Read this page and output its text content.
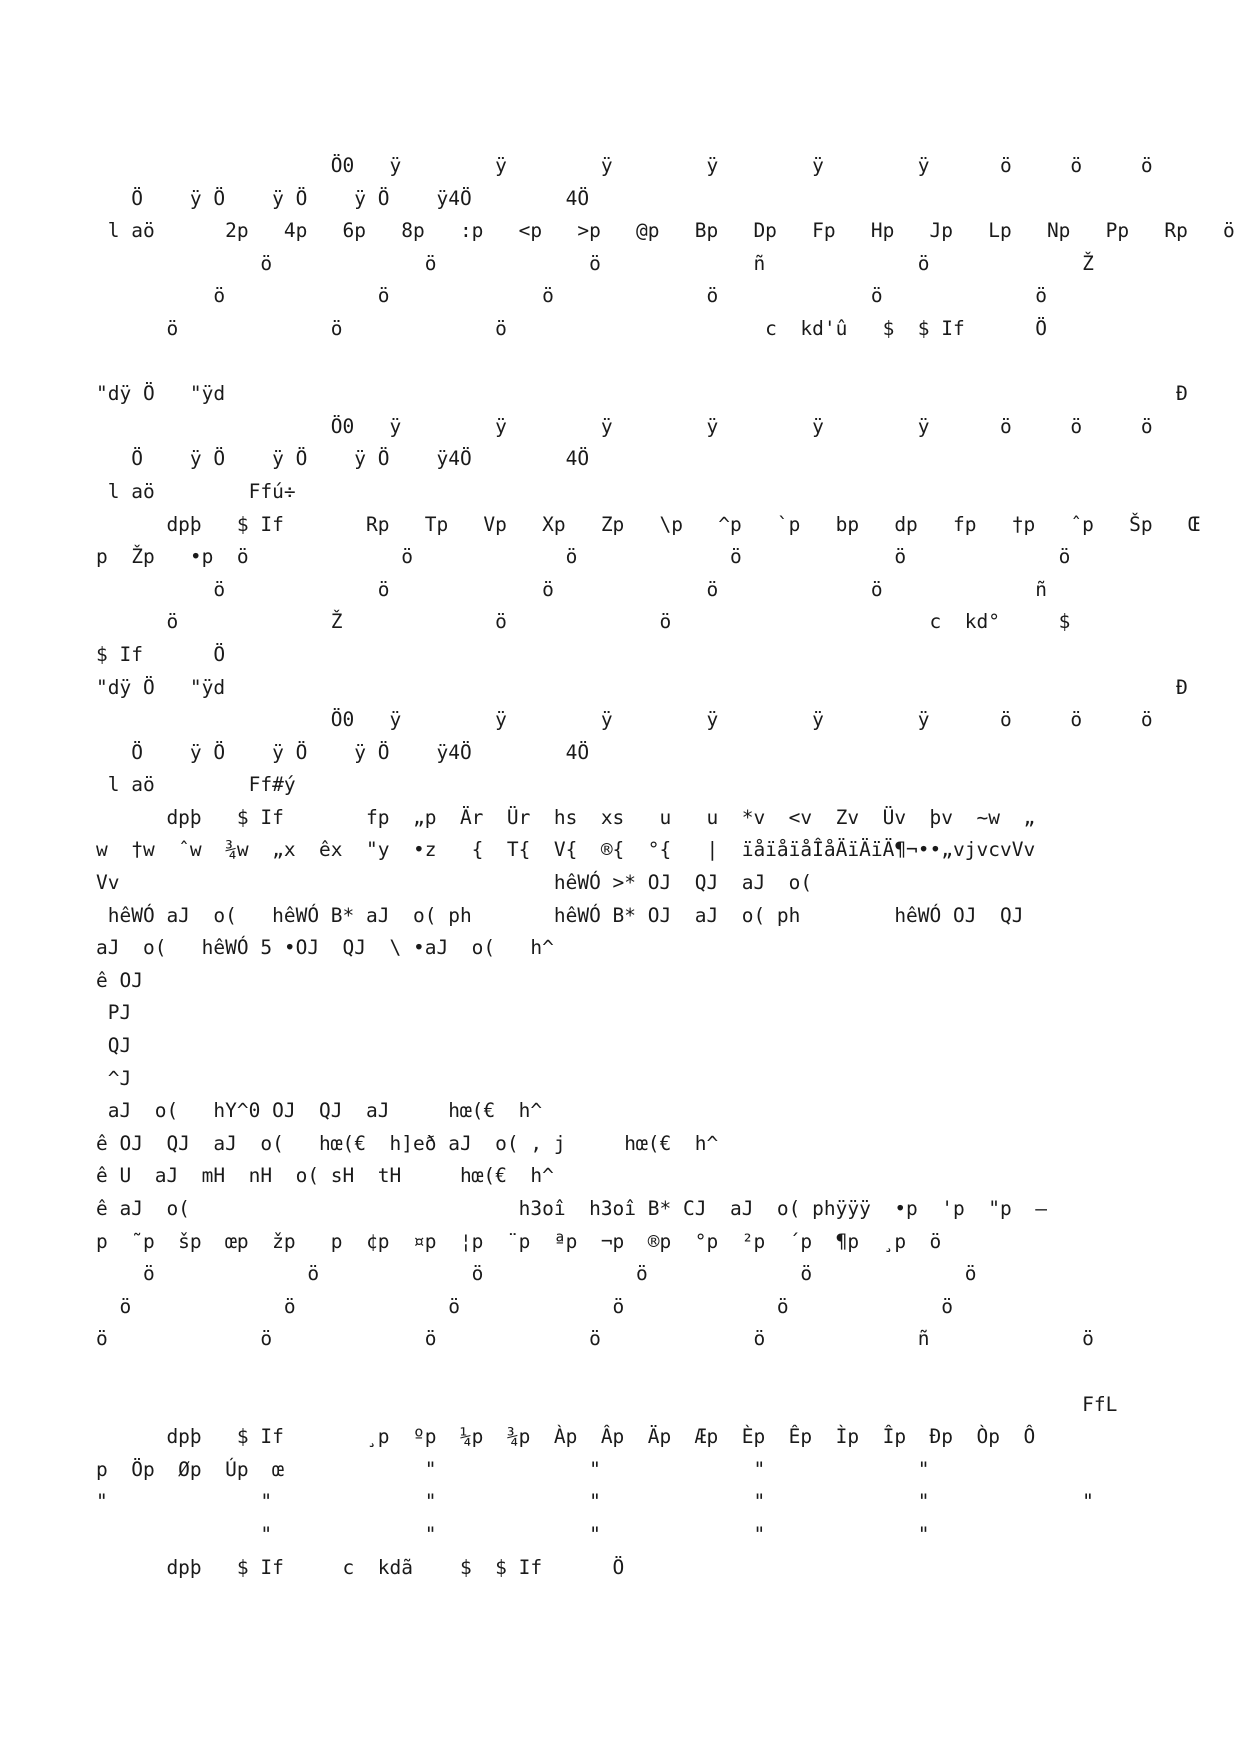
Ö0   ÿ        ÿ        ÿ        ÿ        ÿ        ÿ      ö     ö     ö
Ö    ÿ Ö    ÿ Ö    ÿ Ö    ÿ4Ö        4Ö
l aö      2p   4p   6p   8p   :p   <p   >p   @p   Bp   Dp   Fp   Hp   Jp   Lp   Np   Pp   Rp   ö
ö             ö             ö             ñ             ö             Ž
ö             ö             ö             ö             ö             ö
ö             ö             ö                      c  kd'û   $  $ If      Ö

"dÿ Ö   "ÿd                                                                                 Ð
Ö0   ÿ        ÿ        ÿ        ÿ        ÿ        ÿ      ö     ö     ö
Ö    ÿ Ö    ÿ Ö    ÿ Ö    ÿ4Ö        4Ö
l aö        Ffú÷
dpþ   $ If       Rp   Tp   Vp   Xp   Zp   \p   ^p   `p   bp   dp   fp   †p   ˆp   Šp   Œ
p  Žp   •p  ö             ö             ö             ö             ö             ö
ö             ö             ö             ö             ö             ñ
ö             Ž             ö             ö                      c  kd°     $
$ If      Ö
"dÿ Ö   "ÿd                                                                                 Ð
Ö0   ÿ        ÿ        ÿ        ÿ        ÿ        ÿ      ö     ö     ö
Ö    ÿ Ö    ÿ Ö    ÿ Ö    ÿ4Ö        4Ö
l aö        Ff#ý
dpþ   $ If       fp  „p  Är  Ür  hs  xs   u   u  *v  <v  Zv  Üv  þv  ~w  „
w  †w  ˆw  ¾w  „x  êx  "y  •z   {  T{  V{  ®{  °{   |  ïåïåïåÎåÄïÄïÄ¶¬••„vjvcvVv
Vv                                     hêWÓ >* OJ  QJ  aJ  o(
hêWÓ aJ  o(   hêWÓ B* aJ  o( ph       hêWÓ B* OJ  aJ  o( ph        hêWÓ OJ  QJ
aJ  o(   hêWÓ 5 •OJ  QJ  \ •aJ  o(   h^
ê OJ
PJ
QJ
^J
aJ  o(   hY^0 OJ  QJ  aJ     hœ(€  h^
ê OJ  QJ  aJ  o(   hœ(€  h]eð aJ  o( , j     hœ(€  h^
ê U  aJ  mH  nH  o( sH  tH     hœ(€  h^
ê aJ  o(                            h3oî  h3oî B* CJ  aJ  o( phÿÿÿ  •p  'p  "p  –
p  ˜p  šp  œp  žp   p  ¢p  ¤p  ¦p  ¨p  ªp  ¬p  ®p  °p  ²p  ´p  ¶p  ¸p  ö
ö             ö             ö             ö             ö             ö
ö             ö             ö             ö             ö             ö
ö             ö             ö             ö             ö             ñ             ö

FfL
dpþ   $ If       ¸p  ºp  ¼p  ¾p  Àp  Âp  Äp  Æp  Èp  Êp  Ìp  Îp  Ðp  Òp  Ô
p  Öp  Øp  Úp  œ            "             "             "             "
"             "             "             "             "             "             "
"             "             "             "             "
dpþ   $ If     c  kdã    $  $ If      Ö
